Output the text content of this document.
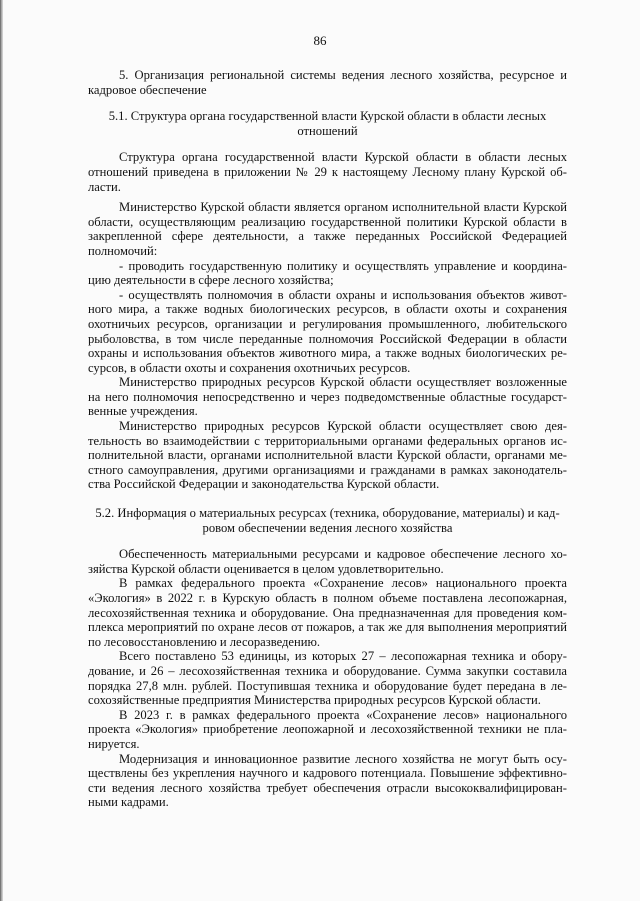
86

5. Организация региональной системы ведения лесного хозяйства, ресурсное и кадровое обеспечение

5.1. Структура органа государственной власти Курской области в области лесных отношений

Структура органа государственной власти Курской области в области лесных отношений приведена в приложении № 29 к настоящему Лесному плану Курской области.

Министерство Курской области является органом исполнительной власти Курской области, осуществляющим реализацию государственной политики Курской области в закрепленной сфере деятельности, а также переданных Российской Федерацией полномочий:

- проводить государственную политику и осуществлять управление и координацию деятельности в сфере лесного хозяйства;

- осуществлять полномочия в области охраны и использования объектов животного мира, а также водных биологических ресурсов, в области охоты и сохранения охотничьих ресурсов, организации и регулирования промышленного, любительского рыболовства, в том числе переданные полномочия Российской Федерации в области охраны и использования объектов животного мира, а также водных биологических ресурсов, в области охоты и сохранения охотничьих ресурсов.

Министерство природных ресурсов Курской области осуществляет возложенные на него полномочия непосредственно и через подведомственные областные государственные учреждения.

Министерство природных ресурсов Курской области осуществляет свою деятельность во взаимодействии с территориальными органами федеральных органов исполнительной власти, органами исполнительной власти Курской области, органами местного самоуправления, другими организациями и гражданами в рамках законодательства Российской Федерации и законодательства Курской области.

5.2. Информация о материальных ресурсах (техника, оборудование, материалы) и кадровом обеспечении ведения лесного хозяйства

Обеспеченность материальными ресурсами и кадровое обеспечение лесного хозяйства Курской области оценивается в целом удовлетворительно.

В рамках федерального проекта «Сохранение лесов» национального проекта «Экология» в 2022 г. в Курскую область в полном объеме поставлена лесопожарная, лесохозяйственная техника и оборудование. Она предназначенная для проведения комплекса мероприятий по охране лесов от пожаров, а так же для выполнения мероприятий по лесовосстановлению и лесоразведению.

Всего поставлено 53 единицы, из которых 27 – лесопожарная техника и оборудование, и 26 – лесохозяйственная техника и оборудование. Сумма закупки составила порядка 27,8 млн. рублей. Поступившая техника и оборудование будет передана в лесохозяйственные предприятия Министерства природных ресурсов Курской области.

В 2023 г. в рамках федерального проекта «Сохранение лесов» национального проекта «Экология» приобретение леопожарной и лесохозяйственной техники не планируется.

Модернизация и инновационное развитие лесного хозяйства не могут быть осуществлены без укрепления научного и кадрового потенциала. Повышение эффективности ведения лесного хозяйства требует обеспечения отрасли высококвалифицированными кадрами.
